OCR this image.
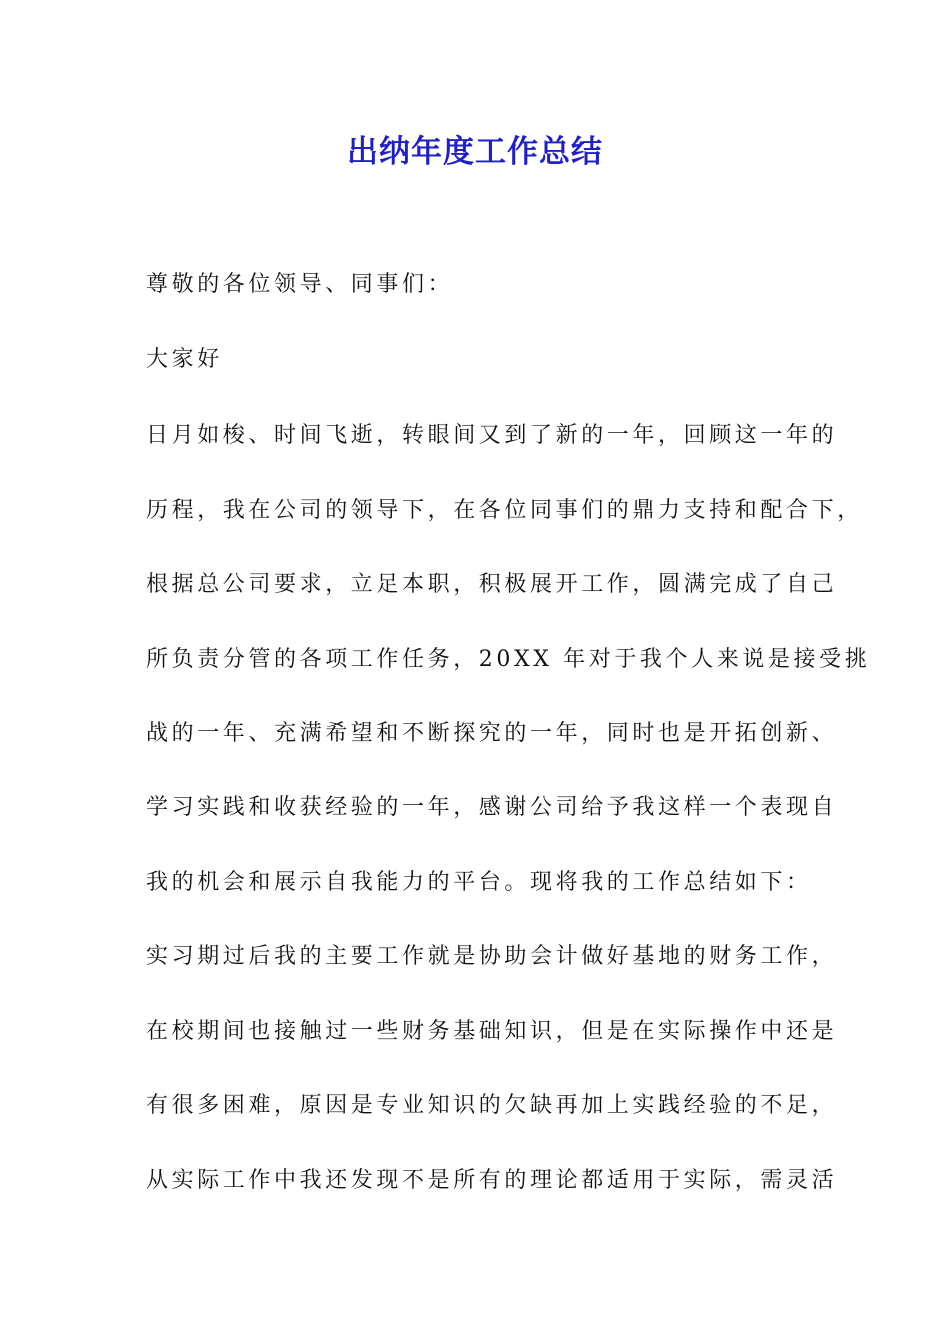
出纳年度工作总结
尊敬的各位领导、同事们：
大家好
日月如梭、时间飞逝，转眼间又到了新的一年，回顾这一年的
历程，我在公司的领导下，在各位同事们的鼎力支持和配合下，
根据总公司要求，立足本职，积极展开工作，圆满完成了自己
所负责分管的各项工作任务，20XX 年对于我个人来说是接受挑
战的一年、充满希望和不断探究的一年，同时也是开拓创新、
学习实践和收获经验的一年，感谢公司给予我这样一个表现自
我的机会和展示自我能力的平台。现将我的工作总结如下：
实习期过后我的主要工作就是协助会计做好基地的财务工作，
在校期间也接触过一些财务基础知识，但是在实际操作中还是
有很多困难，原因是专业知识的欠缺再加上实践经验的不足，
从实际工作中我还发现不是所有的理论都适用于实际，需灵活
